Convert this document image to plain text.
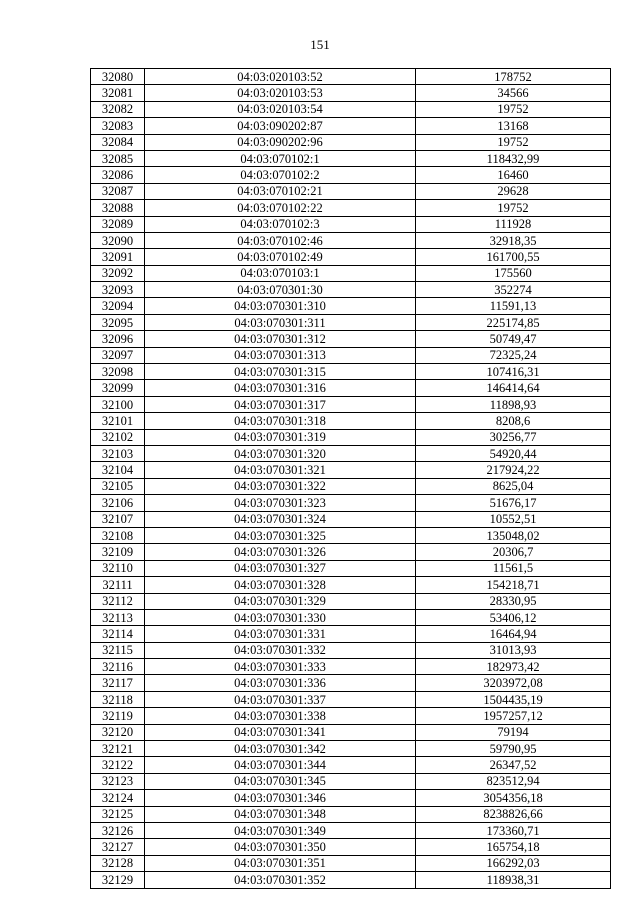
151
32080	04:03:020103:52	178752
32081	04:03:020103:53	34566
32082	04:03:020103:54	19752
32083	04:03:090202:87	13168
32084	04:03:090202:96	19752
32085	04:03:070102:1	118432,99
32086	04:03:070102:2	16460
32087	04:03:070102:21	29628
32088	04:03:070102:22	19752
32089	04:03:070102:3	111928
32090	04:03:070102:46	32918,35
32091	04:03:070102:49	161700,55
32092	04:03:070103:1	175560
32093	04:03:070301:30	352274
32094	04:03:070301:310	11591,13
32095	04:03:070301:311	225174,85
32096	04:03:070301:312	50749,47
32097	04:03:070301:313	72325,24
32098	04:03:070301:315	107416,31
32099	04:03:070301:316	146414,64
32100	04:03:070301:317	11898,93
32101	04:03:070301:318	8208,6
32102	04:03:070301:319	30256,77
32103	04:03:070301:320	54920,44
32104	04:03:070301:321	217924,22
32105	04:03:070301:322	8625,04
32106	04:03:070301:323	51676,17
32107	04:03:070301:324	10552,51
32108	04:03:070301:325	135048,02
32109	04:03:070301:326	20306,7
32110	04:03:070301:327	11561,5
32111	04:03:070301:328	154218,71
32112	04:03:070301:329	28330,95
32113	04:03:070301:330	53406,12
32114	04:03:070301:331	16464,94
32115	04:03:070301:332	31013,93
32116	04:03:070301:333	182973,42
32117	04:03:070301:336	3203972,08
32118	04:03:070301:337	1504435,19
32119	04:03:070301:338	1957257,12
32120	04:03:070301:341	79194
32121	04:03:070301:342	59790,95
32122	04:03:070301:344	26347,52
32123	04:03:070301:345	823512,94
32124	04:03:070301:346	3054356,18
32125	04:03:070301:348	8238826,66
32126	04:03:070301:349	173360,71
32127	04:03:070301:350	165754,18
32128	04:03:070301:351	166292,03
32129	04:03:070301:352	118938,31
